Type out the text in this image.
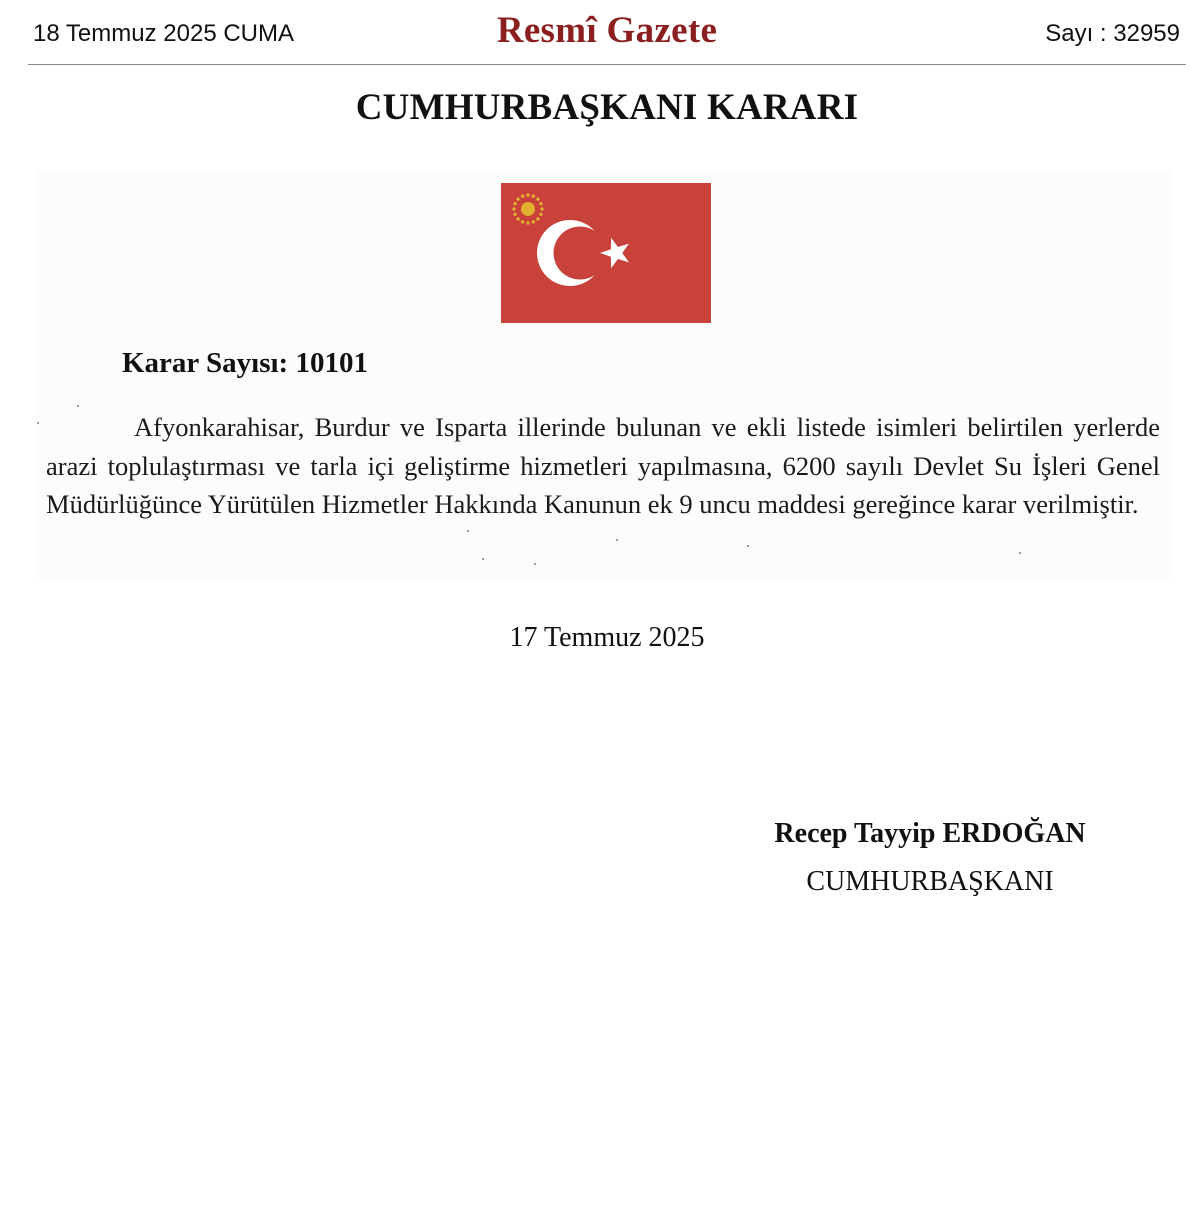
18 Temmuz 2025 CUMA	Resmî Gazete	Sayı : 32959
CUMHURBAŞKANI KARARI
Karar Sayısı: 10101
Afyonkarahisar, Burdur ve Isparta illerinde bulunan ve ekli listede isimleri belirtilen yerlerde arazi toplulaştırması ve tarla içi geliştirme hizmetleri yapılmasına, 6200 sayılı Devlet Su İşleri Genel Müdürlüğünce Yürütülen Hizmetler Hakkında Kanunun ek 9 uncu maddesi gereğince karar verilmiştir.
17 Temmuz 2025
Recep Tayyip ERDOĞAN
CUMHURBAŞKANI
